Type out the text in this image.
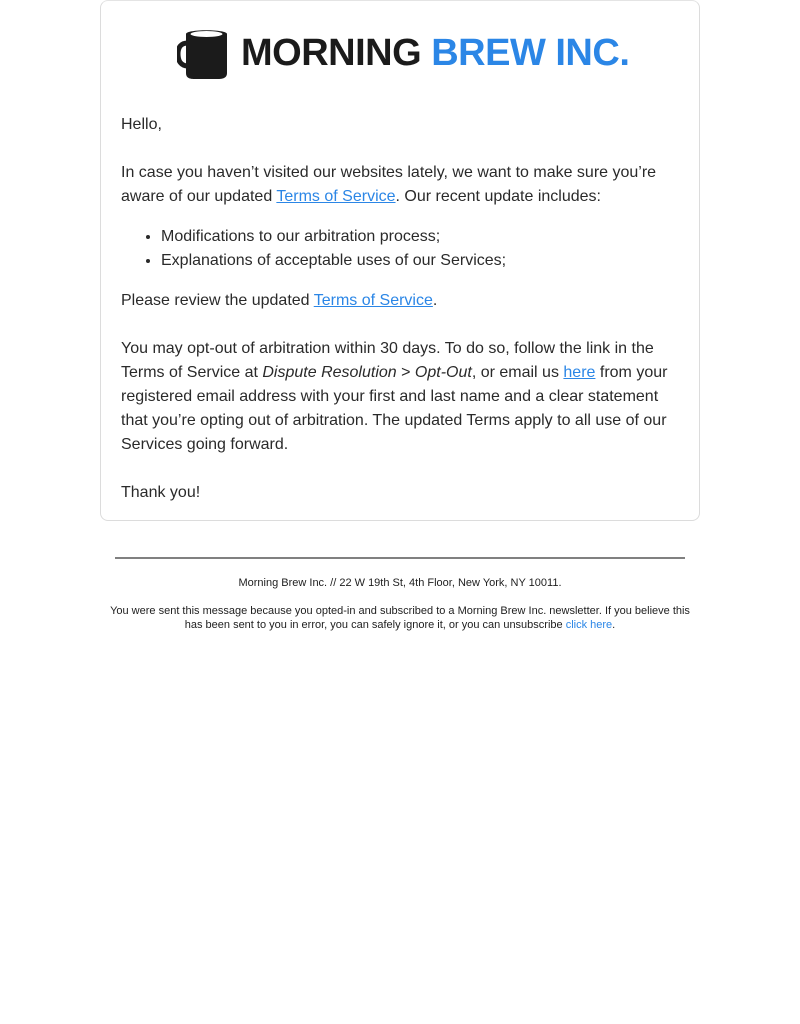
MORNING BREW INC.

Hello,

In case you haven’t visited our websites lately, we want to make sure you’re aware of our updated Terms of Service. Our recent update includes:

• Modifications to our arbitration process;
• Explanations of acceptable uses of our Services;

Please review the updated Terms of Service.

You may opt-out of arbitration within 30 days. To do so, follow the link in the Terms of Service at Dispute Resolution > Opt-Out, or email us here from your registered email address with your first and last name and a clear statement that you’re opting out of arbitration. The updated Terms apply to all use of our Services going forward.

Thank you!

Morning Brew Inc. // 22 W 19th St, 4th Floor, New York, NY 10011.
You were sent this message because you opted-in and subscribed to a Morning Brew Inc. newsletter. If you believe this has been sent to you in error, you can safely ignore it, or you can unsubscribe click here.
